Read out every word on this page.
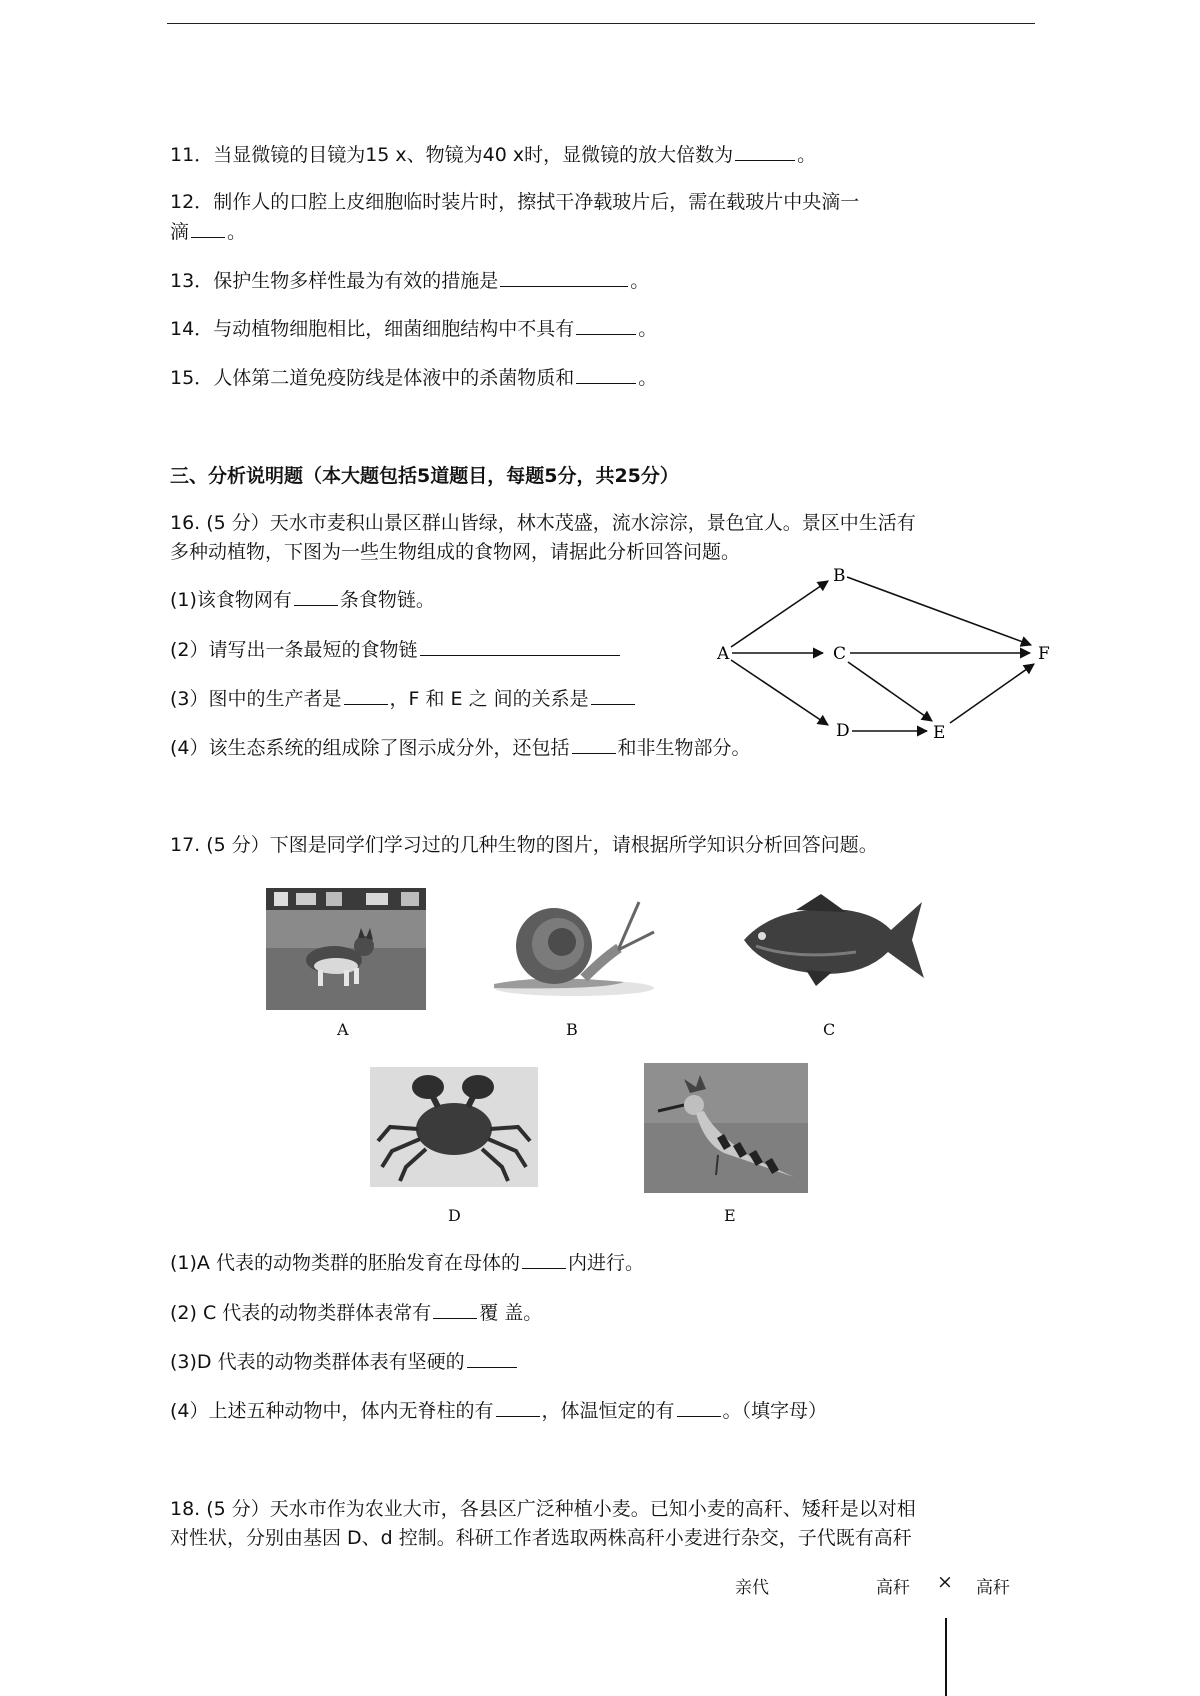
11．当显微镜的目镜为15 x、物镜为40 x时，显微镜的放大倍数为	。
12．制作人的口腔上皮细胞临时装片时，擦拭干净载玻片后，需在载玻片中央滴一
滴 。
13．保护生物多样性最为有效的措施是	。
14．与动植物细胞相比，细菌细胞结构中不具有	。
15．人体第二道免疫防线是体液中的杀菌物质和	。
三、分析说明题（本大题包括5道题目，每题5分，共25分）
16. (5 分）天水市麦积山景区群山皆绿，林木茂盛，流水淙淙，景色宜人。景区中生活有
多种动植物，下图为一些生物组成的食物网，请据此分析回答问题。
(1)该食物网有	条食物链。
(2）请写出一条最短的食物链
(3）图中的生产者是	，F 和 E 之 间的关系是
(4）该生态系统的组成除了图示成分外，还包括	和非生物部分。
A
B
C
D	E
F
17. (5 分）下图是同学们学习过的几种生物的图片，请根据所学知识分析回答问题。
A	B	C
D	E
(1)A 代表的动物类群的胚胎发育在母体的	内进行。
(2) C 代表的动物类群体表常有	覆 盖。
(3)D 代表的动物类群体表有坚硬的
(4）上述五种动物中，体内无脊柱的有	，体温恒定的有	。（填字母）
18. (5 分）天水市作为农业大市，各县区广泛种植小麦。已知小麦的高秆、矮秆是以对相
对性状，分别由基因 D、d 控制。科研工作者选取两株高秆小麦进行杂交，子代既有高秆
亲代	高秆 × 高秆
